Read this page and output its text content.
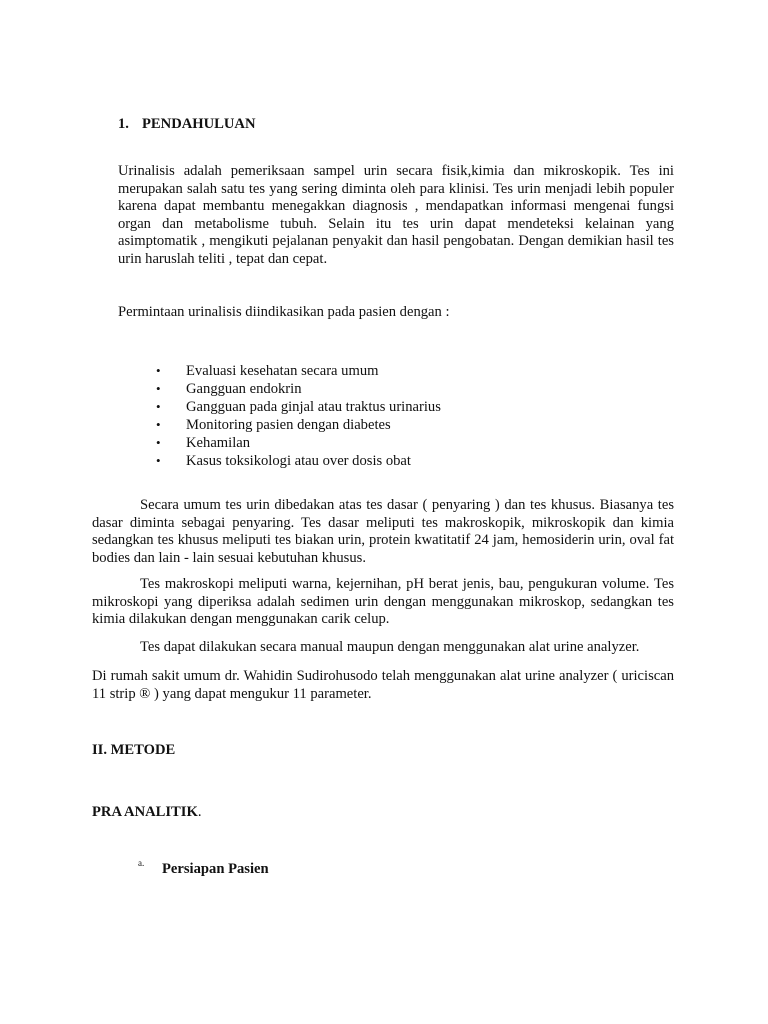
1. PENDAHULUAN

Urinalisis adalah pemeriksaan sampel urin secara fisik,kimia dan mikroskopik. Tes ini merupakan salah satu tes yang sering diminta oleh para klinisi. Tes urin menjadi lebih populer karena dapat membantu menegakkan diagnosis , mendapatkan informasi mengenai fungsi organ dan metabolisme tubuh. Selain itu tes urin dapat mendeteksi kelainan yang asimptomatik , mengikuti pejalanan penyakit dan hasil pengobatan. Dengan demikian hasil tes urin haruslah teliti , tepat dan cepat.

Permintaan urinalisis diindikasikan pada pasien dengan :

• Evaluasi kesehatan secara umum
• Gangguan endokrin
• Gangguan pada ginjal atau traktus urinarius
• Monitoring pasien dengan diabetes
• Kehamilan
• Kasus toksikologi atau over dosis obat

Secara umum tes urin dibedakan atas tes dasar ( penyaring ) dan tes khusus. Biasanya tes dasar diminta sebagai penyaring. Tes dasar meliputi tes makroskopik, mikroskopik dan kimia sedangkan tes khusus meliputi tes biakan urin, protein kwatitatif 24 jam, hemosiderin urin, oval fat bodies dan lain - lain sesuai kebutuhan khusus.

Tes makroskopi meliputi warna, kejernihan, pH berat jenis, bau, pengukuran volume. Tes mikroskopi yang diperiksa adalah sedimen urin dengan menggunakan mikroskop, sedangkan tes kimia dilakukan dengan menggunakan carik celup.

Tes dapat dilakukan secara manual maupun dengan menggunakan alat urine analyzer.

Di rumah sakit umum dr. Wahidin Sudirohusodo telah menggunakan alat urine analyzer ( uriciscan 11 strip ® ) yang dapat mengukur 11 parameter.

II. METODE
PRA ANALITIK.
a. Persiapan Pasien
